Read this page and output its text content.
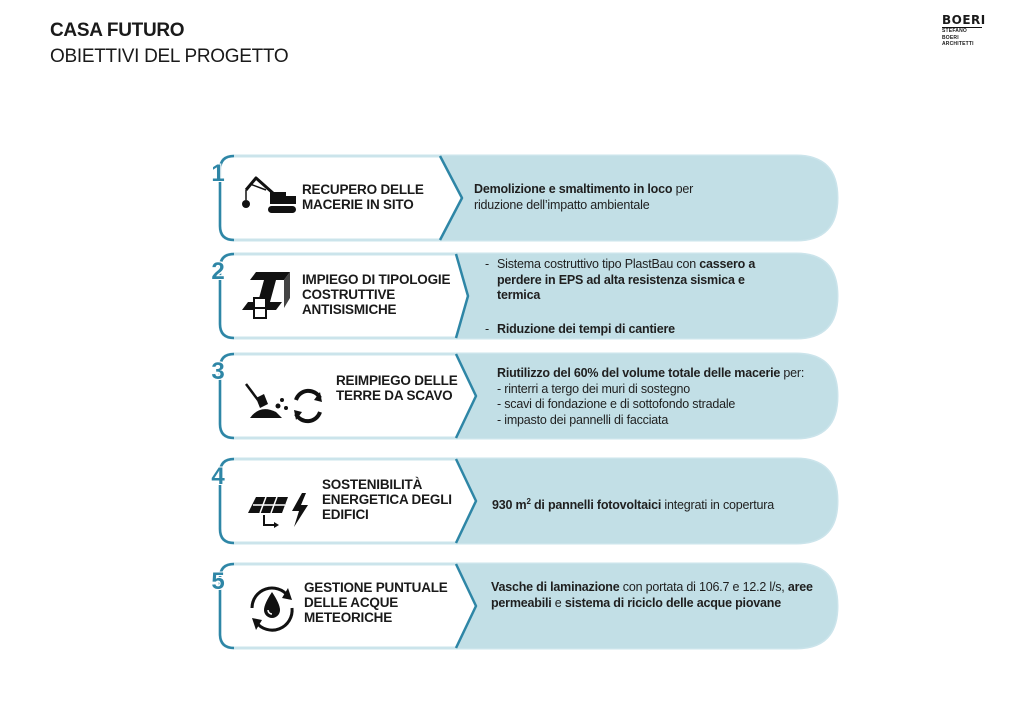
CASA FUTURO
OBIETTIVI DEL PROGETTO
BOERI
STEFANO
BOERI
ARCHITETTI
1
RECUPERO DELLE MACERIE IN SITO
Demolizione e smaltimento in loco per riduzione dell’impatto ambientale
2	IMPIEGO DI TIPOLOGIE COSTRUTTIVE ANTISISMICHE
- Sistema costruttivo tipo PlastBau con cassero a perdere in EPS ad alta resistenza sismica e termica
- Riduzione dei tempi di cantiere
3	REIMPIEGO DELLE TERRE DA SCAVO
Riutilizzo del 60% del volume totale delle macerie per:
- rinterri a tergo dei muri di sostegno
- scavi di fondazione e di sottofondo stradale
- impasto dei pannelli di facciata
4	SOSTENIBILITÀ ENERGETICA DEGLI EDIFICI
930 $m^2$ di pannelli fotovoltaici integrati in copertura
5	GESTIONE PUNTUALE DELLE ACQUE METEORICHE
Vasche di laminazione con portata di 106.7 e 12.2 l/s, aree permeabili e sistema di riciclo delle acque piovane
